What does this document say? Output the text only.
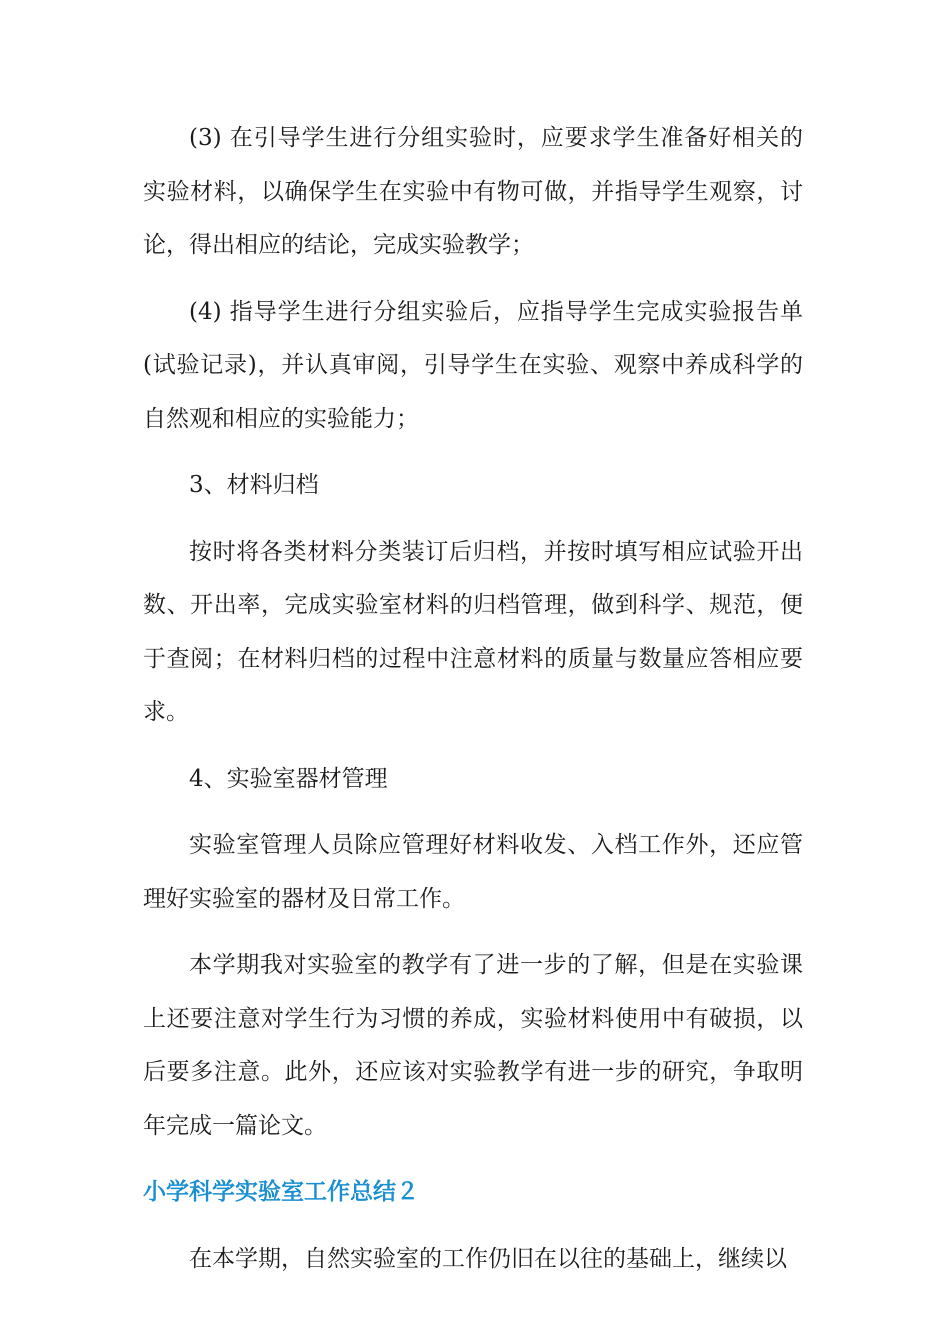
(3) 在引导学生进行分组实验时，应要求学生准备好相关的实验材料，以确保学生在实验中有物可做，并指导学生观察，讨论，得出相应的结论，完成实验教学；

(4) 指导学生进行分组实验后，应指导学生完成实验报告单(试验记录)，并认真审阅，引导学生在实验、观察中养成科学的自然观和相应的实验能力；

3、材料归档

按时将各类材料分类装订后归档，并按时填写相应试验开出数、开出率，完成实验室材料的归档管理，做到科学、规范，便于查阅；在材料归档的过程中注意材料的质量与数量应答相应要求。

4、实验室器材管理

实验室管理人员除应管理好材料收发、入档工作外，还应管理好实验室的器材及日常工作。

本学期我对实验室的教学有了进一步的了解，但是在实验课上还要注意对学生行为习惯的养成，实验材料使用中有破损，以后要多注意。此外，还应该对实验教学有进一步的研究，争取明年完成一篇论文。

小学科学实验室工作总结２

在本学期，自然实验室的工作仍旧在以往的基础上，继续以
